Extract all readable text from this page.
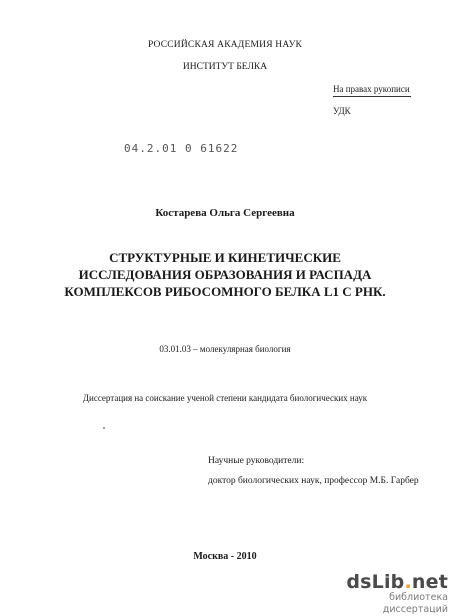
РОССИЙСКАЯ АКАДЕМИЯ НАУК
ИНСТИТУТ БЕЛКА
На правах рукописи
УДК
04.2.01 0 61622
Костарева Ольга Сергеевна
СТРУКТУРНЫЕ И КИНЕТИЧЕСКИЕ
ИССЛЕДОВАНИЯ ОБРАЗОВАНИЯ И РАСПАДА
КОМПЛЕКСОВ РИБОСОМНОГО БЕЛКА L1 С РНК.
03.01.03 – молекулярная биология
Диссертация на соискание ученой степени кандидата биологических наук
Научные руководители:
доктор биологических наук, профессор М.Б. Гарбер
Москва - 2010
dsLib.net
библиотека диссертаций
